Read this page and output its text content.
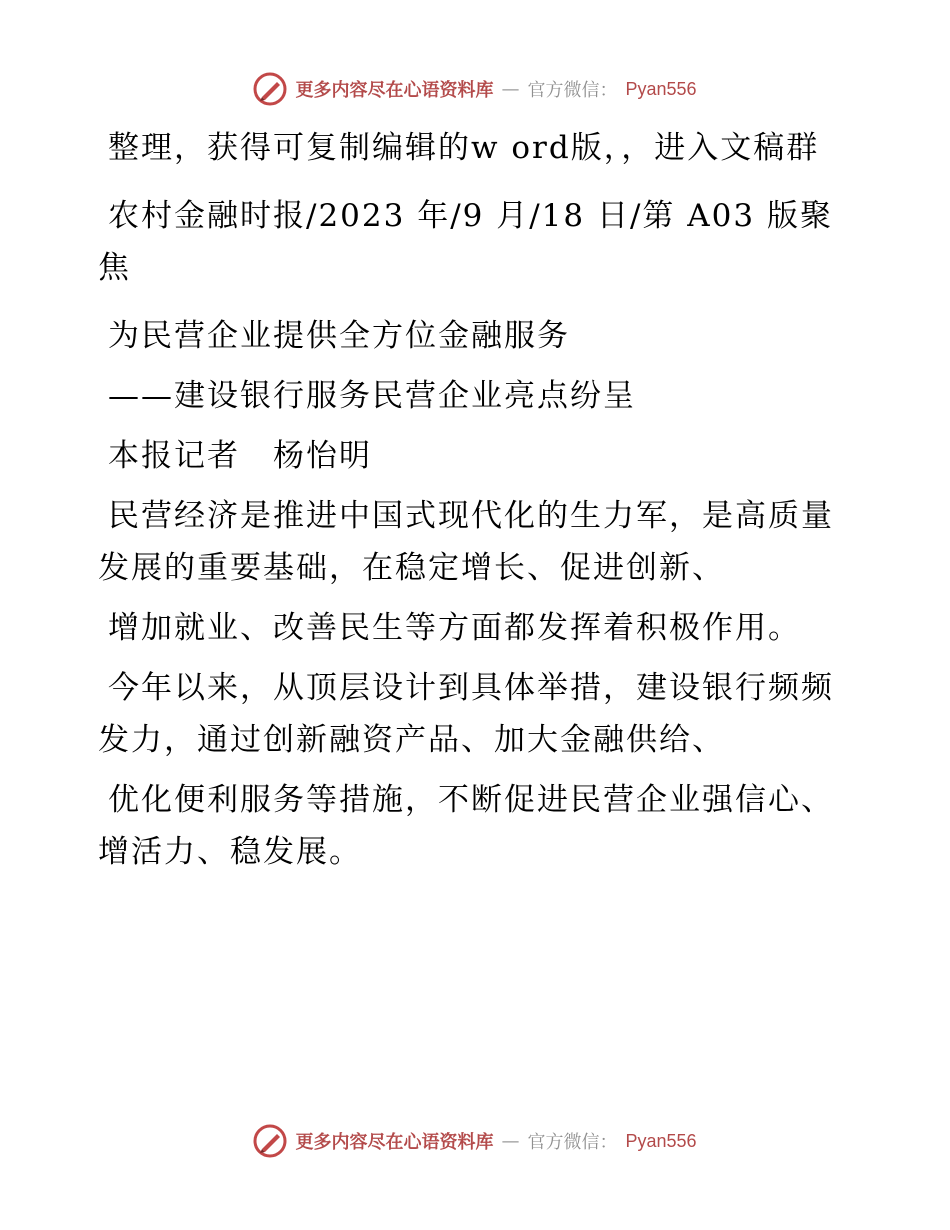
更多内容尽在心语资料库 — 官方微信： Pyan556

整理，获得可复制编辑的w ord版，，进入文稿群

农村金融时报/2023 年/9 月/18 日/第 A03 版聚焦

为民营企业提供全方位金融服务

——建设银行服务民营企业亮点纷呈

本报记者　杨怡明

民营经济是推进中国式现代化的生力军，是高质量发展的重要基础，在稳定增长、促进创新、

增加就业、改善民生等方面都发挥着积极作用。

今年以来，从顶层设计到具体举措，建设银行频频发力，通过创新融资产品、加大金融供给、

优化便利服务等措施，不断促进民营企业强信心、增活力、稳发展。

更多内容尽在心语资料库 — 官方微信： Pyan556
